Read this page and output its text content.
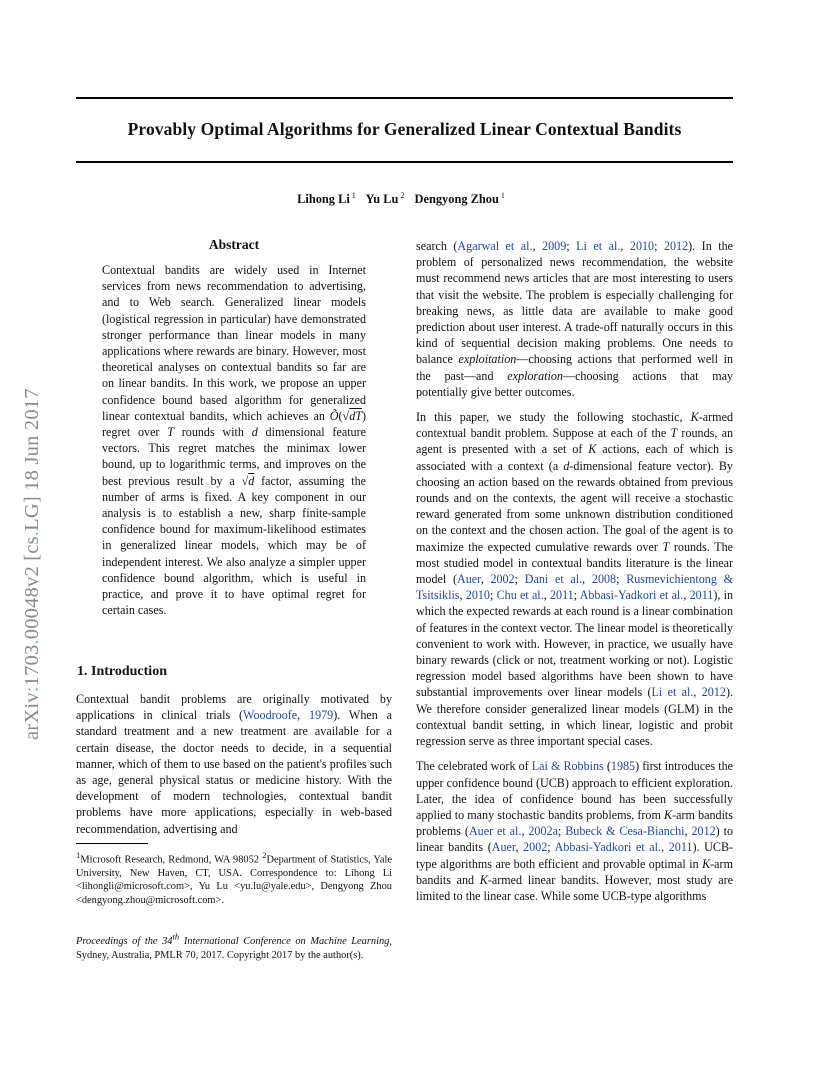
Provably Optimal Algorithms for Generalized Linear Contextual Bandits
Lihong Li $^1$ Yu Lu $^2$ Dengyong Zhou $^1$
arXiv:1703.00048v2 [cs.LG] 18 Jun 2017
Abstract
Contextual bandits are widely used in Internet services from news recommendation to advertising, and to Web search. Generalized linear models (logistical regression in particular) have demonstrated stronger performance than linear models in many applications where rewards are binary. However, most theoretical analyses on contextual bandits so far are on linear bandits. In this work, we propose an upper confidence bound based algorithm for generalized linear contextual bandits, which achieves an Õ(√dT) regret over T rounds with d dimensional feature vectors. This regret matches the minimax lower bound, up to logarithmic terms, and improves on the best previous result by a √d factor, assuming the number of arms is fixed. A key component in our analysis is to establish a new, sharp finite-sample confidence bound for maximum-likelihood estimates in generalized linear models, which may be of independent interest. We also analyze a simpler upper confidence bound algorithm, which is useful in practice, and prove it to have optimal regret for certain cases.
1. Introduction
Contextual bandit problems are originally motivated by applications in clinical trials (Woodroofe, 1979). When a standard treatment and a new treatment are available for a certain disease, the doctor needs to decide, in a sequential manner, which of them to use based on the patient's profiles such as age, general physical status or medicine history. With the development of modern technologies, contextual bandit problems have more applications, especially in web-based recommendation, advertising and
$^1$Microsoft Research, Redmond, WA 98052 $^2$Department of Statistics, Yale University, New Haven, CT, USA. Correspondence to: Lihong Li <lihongli@microsoft.com>, Yu Lu <yu.lu@yale.edu>, Dengyong Zhou <dengyong.zhou@microsoft.com>.
Proceedings of the 34th International Conference on Machine Learning, Sydney, Australia, PMLR 70, 2017. Copyright 2017 by the author(s).

search (Agarwal et al., 2009; Li et al., 2010; 2012). In the problem of personalized news recommendation, the website must recommend news articles that are most interesting to users that visit the website. The problem is especially challenging for breaking news, as little data are available to make good prediction about user interest. A trade-off naturally occurs in this kind of sequential decision making problems. One needs to balance exploitation—choosing actions that performed well in the past—and exploration—choosing actions that may potentially give better outcomes.

In this paper, we study the following stochastic, K-armed contextual bandit problem. Suppose at each of the T rounds, an agent is presented with a set of K actions, each of which is associated with a context (a d-dimensional feature vector). By choosing an action based on the rewards obtained from previous rounds and on the contexts, the agent will receive a stochastic reward generated from some unknown distribution conditioned on the context and the chosen action. The goal of the agent is to maximize the expected cumulative rewards over T rounds. The most studied model in contextual bandits literature is the linear model (Auer, 2002; Dani et al., 2008; Rusmevichientong & Tsitsiklis, 2010; Chu et al., 2011; Abbasi-Yadkori et al., 2011), in which the expected rewards at each round is a linear combination of features in the context vector. The linear model is theoretically convenient to work with. However, in practice, we usually have binary rewards (click or not, treatment working or not). Logistic regression model based algorithms have been shown to have substantial improvements over linear models (Li et al., 2012). We therefore consider generalized linear models (GLM) in the contextual bandit setting, in which linear, logistic and probit regression serve as three important special cases.

The celebrated work of Lai & Robbins (1985) first introduces the upper confidence bound (UCB) approach to efficient exploration. Later, the idea of confidence bound has been successfully applied to many stochastic bandits problems, from K-arm bandits problems (Auer et al., 2002a; Bubeck & Cesa-Bianchi, 2012) to linear bandits (Auer, 2002; Abbasi-Yadkori et al., 2011). UCB-type algorithms are both efficient and provable optimal in K-arm bandits and K-armed linear bandits. However, most study are limited to the linear case. While some UCB-type algorithms
